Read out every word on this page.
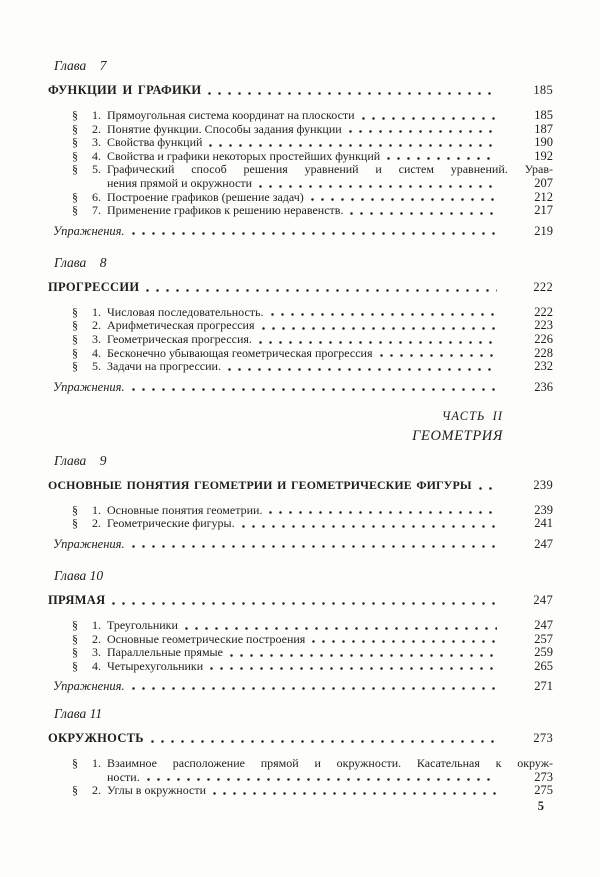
Глава 7
ФУНКЦИИ И ГРАФИКИ	185
§	1. Прямоугольная система координат на плоскости	185
§	2. Понятие функции. Способы задания функции	187
§	3. Свойства функций	190
§	4. Свойства и графики некоторых простейших функций	192
§	5. Графический способ решения уравнений и систем уравнений. Урав-
нения прямой и окружности	207
§	6. Построение графиков (решение задач)	212
§	7. Применение графиков к решению неравенств.	217
Упражнения.	219
Глава 8
ПРОГРЕССИИ	222
§	1. Числовая последовательность.	222
§	2. Арифметическая прогрессия	223
§	3. Геометрическая прогрессия.	226
§	4. Бесконечно убывающая геометрическая прогрессия	228
§	5. Задачи на прогрессии.	232
Упражнения.	236
ЧАСТЬ II
ГЕОМЕТРИЯ
Глава 9
ОСНОВНЫЕ ПОНЯТИЯ ГЕОМЕТРИИ И ГЕОМЕТРИЧЕСКИЕ ФИГУРЫ	239
§	1. Основные понятия геометрии.	239
§	2. Геометрические фигуры.	241
Упражнения.	247
Глава 10
ПРЯМАЯ	247
§	1. Треугольники	247
§	2. Основные геометрические построения	257
§	3. Параллельные прямые	259
§	4. Четырехугольники	265
Упражнения.	271
Глава 11
ОКРУЖНОСТЬ	273
§	1. Взаимное расположение прямой и окружности. Касательная к окруж-
ности.	273
§	2. Углы в окружности	275
5
